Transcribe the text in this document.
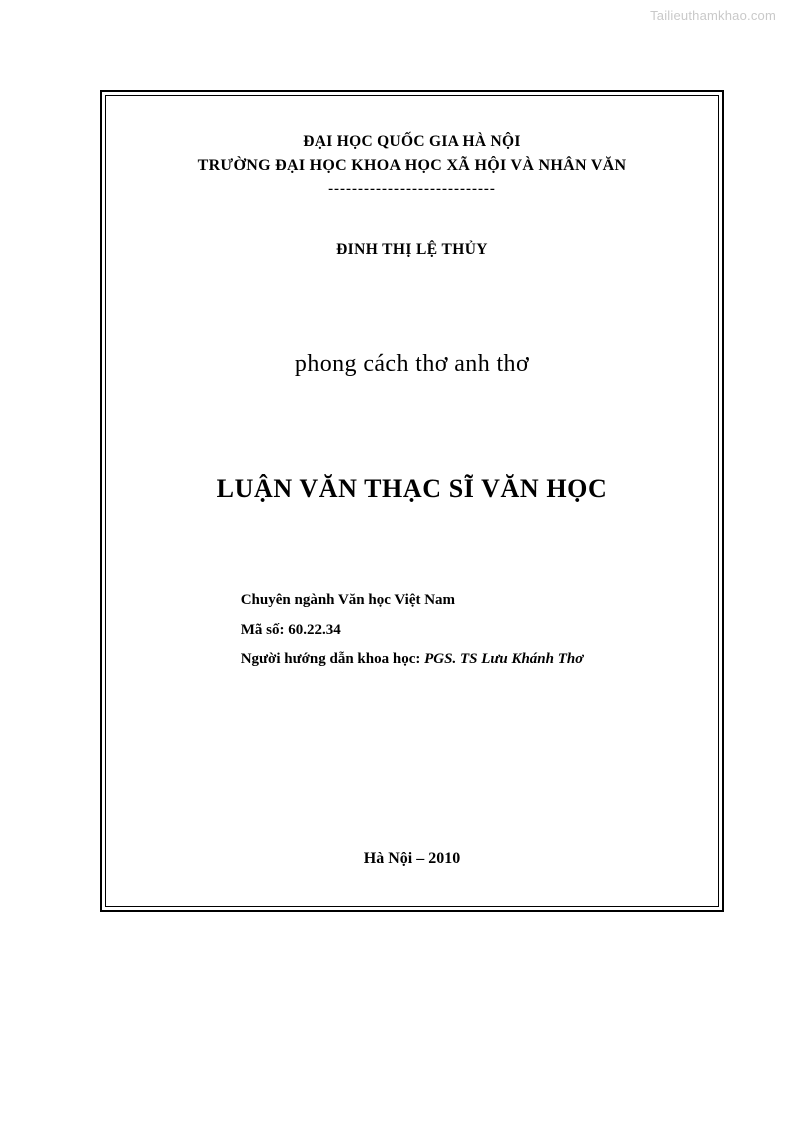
Tailieuthamkhao.com
ĐẠI HỌC QUỐC GIA HÀ NỘI
TRƯỜNG ĐẠI HỌC KHOA HỌC XÃ HỘI VÀ NHÂN VĂN
----------------------------
ĐINH THỊ LỆ THỦY
phong cách thơ anh thơ
LUẬN VĂN THẠC SĨ VĂN HỌC
Chuyên ngành Văn học Việt Nam
Mã số: 60.22.34
Người hướng dẫn khoa học: PGS. TS Lưu Khánh Thơ
Hà Nội – 2010
